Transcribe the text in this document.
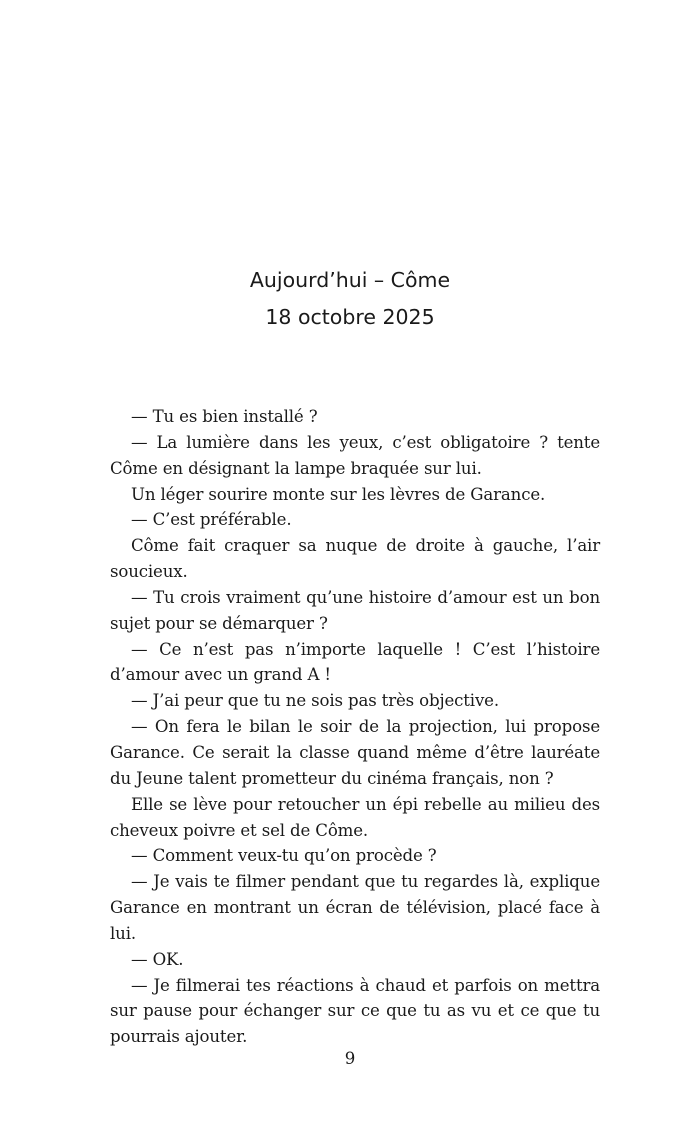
Aujourd’hui – Côme
18 octobre 2025

— Tu es bien installé ?

— La lumière dans les yeux, c’est obligatoire ? tente Côme en désignant la lampe braquée sur lui.

Un léger sourire monte sur les lèvres de Garance.

— C’est préférable.

Côme fait craquer sa nuque de droite à gauche, l’air soucieux.

— Tu crois vraiment qu’une histoire d’amour est un bon sujet pour se démarquer ?

— Ce n’est pas n’importe laquelle ! C’est l’histoire d’amour avec un grand A !

— J’ai peur que tu ne sois pas très objective.

— On fera le bilan le soir de la projection, lui propose Garance. Ce serait la classe quand même d’être lauréate du Jeune talent prometteur du cinéma français, non ?

Elle se lève pour retoucher un épi rebelle au milieu des cheveux poivre et sel de Côme.

— Comment veux-tu qu’on procède ?

— Je vais te filmer pendant que tu regardes là, explique Garance en montrant un écran de télévision, placé face à lui.

— OK.

— Je filmerai tes réactions à chaud et parfois on mettra sur pause pour échanger sur ce que tu as vu et ce que tu pourrais ajouter.

9
